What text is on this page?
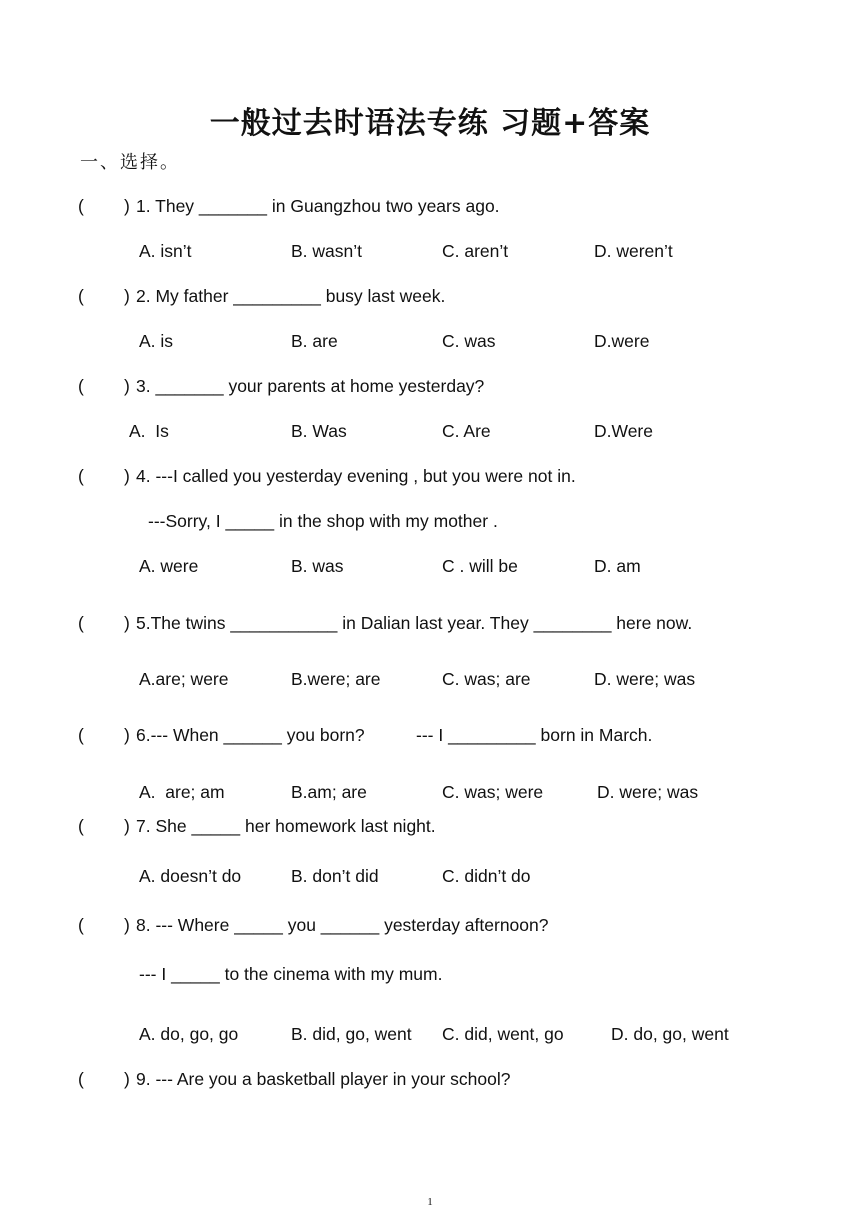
一般过去时语法专练 习题+答案
一、选择。
( ) 1. They _______ in Guangzhou two years ago.
A. isn’t	B. wasn’t	C. aren’t	D. weren’t
( ) 2. My father _________ busy last week.
A. is	B. are	C. was	D.were
( ) 3. _______ your parents at home yesterday?
A.  Is	B. Was	C. Are	D.Were
( ) 4. ---I called you yesterday evening , but you were not in.
---Sorry, I _____ in the shop with my mother .
A. were	B. was	C . will be	D. am
( ) 5.The twins ___________ in Dalian last year. They ________ here now.
A.are; were	B.were; are	C. was; are	D. were; was
( ) 6.--- When ______ you born?	--- I _________ born in March.
A.  are; am	B.am; are	C. was; were	D. were; was
( ) 7. She _____ her homework last night.
A. doesn’t do	B. don’t did	C. didn’t do
( ) 8. --- Where _____ you ______ yesterday afternoon?
--- I _____ to the cinema with my mum.
A. do, go, go	B. did, go, went C. did, went, go	D. do, go, went
( ) 9. --- Are you a basketball player in your school?
1
